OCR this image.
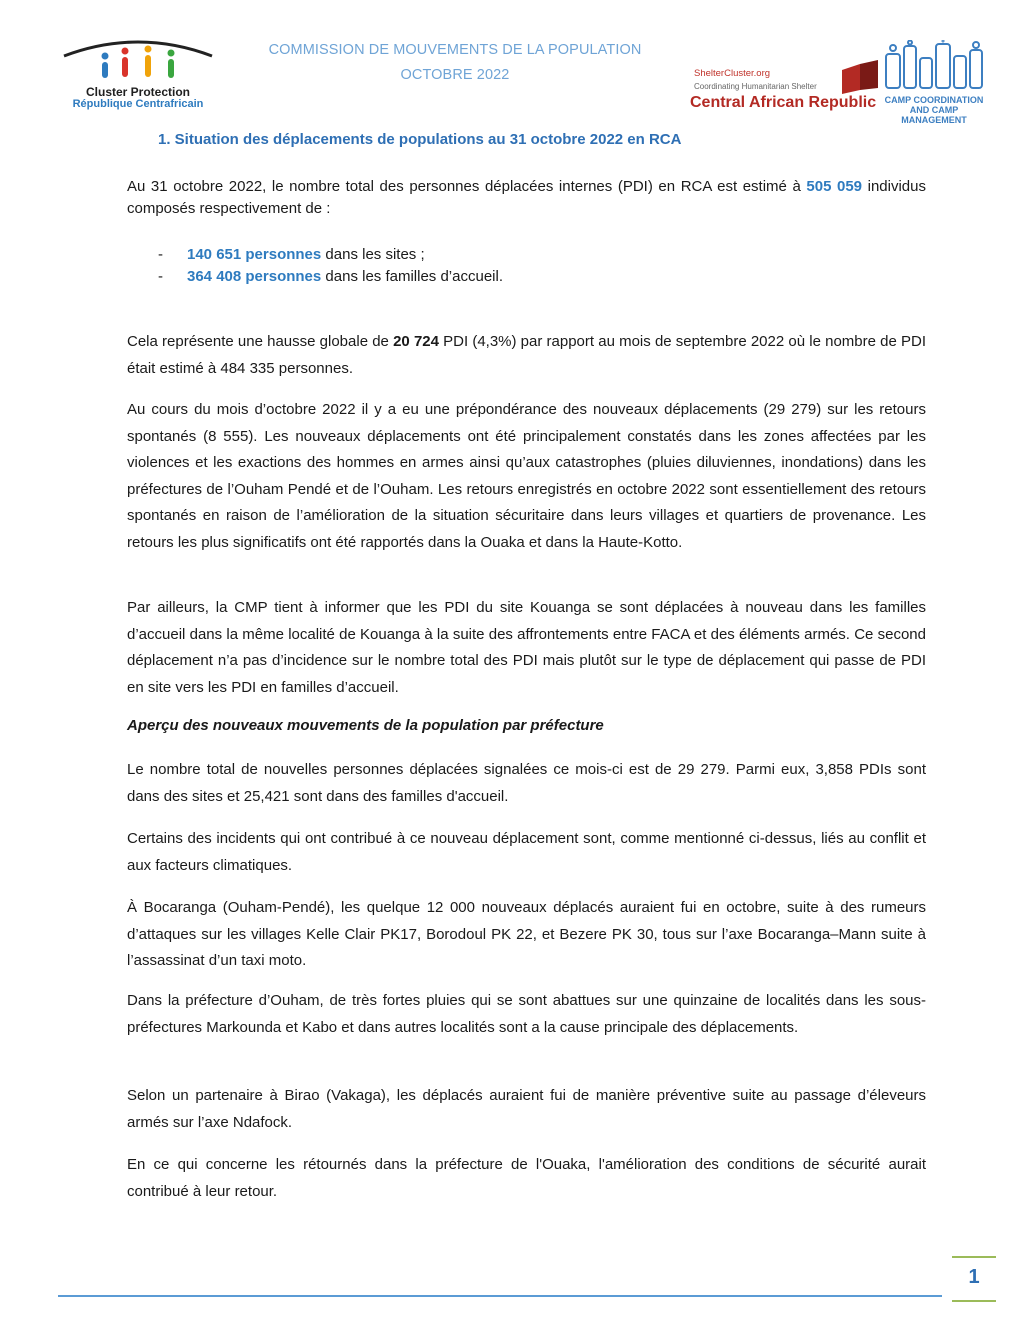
Cluster Protection
République Centrafricain
COMMISSION DE MOUVEMENTS DE LA POPULATION
OCTOBRE 2022	ShelterCluster.org
Coordinating Humanitarian Shelter
Central African Republic CAMP COORDINATION
AND CAMP MANAGEMENT
1. Situation des déplacements de populations au 31 octobre 2022 en RCA

Au 31 octobre 2022, le nombre total des personnes déplacées internes (PDI) en RCA est estimé à 505 059 individus composés respectivement de :

- 140 651 personnes dans les sites ;
- 364 408 personnes dans les familles d’accueil.

Cela représente une hausse globale de 20 724 PDI (4,3%) par rapport au mois de septembre 2022 où le nombre de PDI était estimé à 484 335 personnes.

Au cours du mois d’octobre 2022 il y a eu une prépondérance des nouveaux déplacements (29 279) sur les retours spontanés (8 555). Les nouveaux déplacements ont été principalement constatés dans les zones affectées par les violences et les exactions des hommes en armes ainsi qu’aux catastrophes (pluies diluviennes, inondations) dans les préfectures de l’Ouham Pendé et de l’Ouham. Les retours enregistrés en octobre 2022 sont essentiellement des retours spontanés en raison de l’amélioration de la situation sécuritaire dans leurs villages et quartiers de provenance. Les retours les plus significatifs ont été rapportés dans la Ouaka et dans la Haute-Kotto.

Par ailleurs, la CMP tient à informer que les PDI du site Kouanga se sont déplacées à nouveau dans les familles d’accueil dans la même localité de Kouanga à la suite des affrontements entre FACA et des éléments armés. Ce second déplacement n’a pas d’incidence sur le nombre total des PDI mais plutôt sur le type de déplacement qui passe de PDI en site vers les PDI en familles d’accueil.

Aperçu des nouveaux mouvements de la population par préfecture

Le nombre total de nouvelles personnes déplacées signalées ce mois-ci est de 29 279. Parmi eux, 3,858 PDIs sont dans des sites et 25,421 sont dans des familles d'accueil.

Certains des incidents qui ont contribué à ce nouveau déplacement sont, comme mentionné ci-dessus, liés au conflit et aux facteurs climatiques.

À Bocaranga (Ouham-Pendé), les quelque 12 000 nouveaux déplacés auraient fui en octobre, suite à des rumeurs d’attaques sur les villages Kelle Clair PK17, Borodoul PK 22, et Bezere PK 30, tous sur l’axe Bocaranga–Mann suite à l’assassinat d’un taxi moto.

Dans la préfecture d’Ouham, de très fortes pluies qui se sont abattues sur une quinzaine de localités dans les sous-préfectures Markounda et Kabo et dans autres localités sont a la cause principale des déplacements.

Selon un partenaire à Birao (Vakaga), les déplacés auraient fui de manière préventive suite au passage d’éleveurs armés sur l’axe Ndafock.

En ce qui concerne les rétournés dans la préfecture de l'Ouaka, l'amélioration des conditions de sécurité aurait contribué à leur retour.

1
